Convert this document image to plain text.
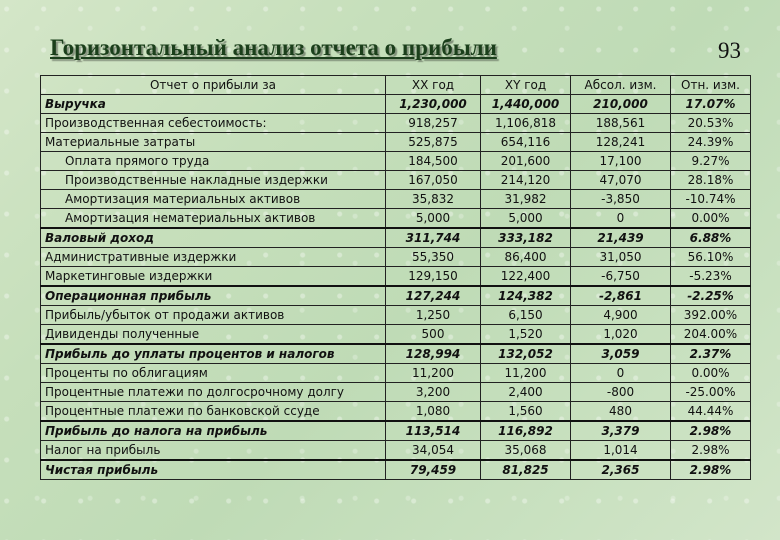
Горизонтальный анализ отчета о прибыли	93
Отчет о прибыли за	XX год	XY год	Абсол. изм.	Отн. изм.
Выручка	1,230,000	1,440,000	210,000	17.07%
Производственная себестоимость:	918,257	1,106,818	188,561	20.53%
Материальные затраты	525,875	654,116	128,241	24.39%
Оплата прямого труда	184,500	201,600	17,100	9.27%
Производственные накладные издержки	167,050	214,120	47,070	28.18%
Амортизация материальных активов	35,832	31,982	-3,850	-10.74%
Амортизация нематериальных активов	5,000	5,000	0	0.00%
Валовый доход	311,744	333,182	21,439	6.88%
Административные издержки	55,350	86,400	31,050	56.10%
Маркетинговые издержки	129,150	122,400	-6,750	-5.23%
Операционная прибыль	127,244	124,382	-2,861	-2.25%
Прибыль/убыток от продажи активов	1,250	6,150	4,900	392.00%
Дивиденды полученные	500	1,520	1,020	204.00%
Прибыль до уплаты процентов и налогов	128,994	132,052	3,059	2.37%
Проценты по облигациям	11,200	11,200	0	0.00%
Процентные платежи по долгосрочному долгу	3,200	2,400	-800	-25.00%
Процентные платежи по банковской ссуде	1,080	1,560	480	44.44%
Прибыль до налога на прибыль	113,514	116,892	3,379	2.98%
Налог на прибыль	34,054	35,068	1,014	2.98%
Чистая прибыль	79,459	81,825	2,365	2.98%
